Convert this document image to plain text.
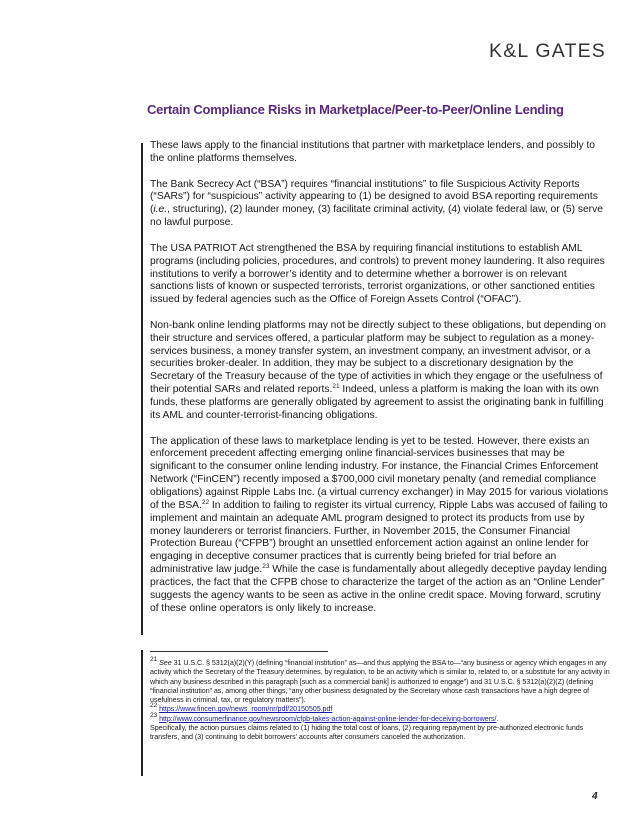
K&L GATES
Certain Compliance Risks in Marketplace/Peer-to-Peer/Online Lending

These laws apply to the financial institutions that partner with marketplace lenders, and possibly to the online platforms themselves.

The Bank Secrecy Act (“BSA”) requires “financial institutions” to file Suspicious Activity Reports (“SARs”) for “suspicious” activity appearing to (1) be designed to avoid BSA reporting requirements (i.e., structuring), (2) launder money, (3) facilitate criminal activity, (4) violate federal law, or (5) serve no lawful purpose.

The USA PATRIOT Act strengthened the BSA by requiring financial institutions to establish AML programs (including policies, procedures, and controls) to prevent money laundering. It also requires institutions to verify a borrower’s identity and to determine whether a borrower is on relevant sanctions lists of known or suspected terrorists, terrorist organizations, or other sanctioned entities issued by federal agencies such as the Office of Foreign Assets Control (“OFAC”).

Non-bank online lending platforms may not be directly subject to these obligations, but depending on their structure and services offered, a particular platform may be subject to regulation as a money-services business, a money transfer system, an investment company, an investment advisor, or a securities broker-dealer. In addition, they may be subject to a discretionary designation by the Secretary of the Treasury because of the type of activities in which they engage or the usefulness of their potential SARs and related reports.$^{21}$ Indeed, unless a platform is making the loan with its own funds, these platforms are generally obligated by agreement to assist the originating bank in fulfilling its AML and counter-terrorist-financing obligations.

The application of these laws to marketplace lending is yet to be tested. However, there exists an enforcement precedent affecting emerging online financial-services businesses that may be significant to the consumer online lending industry. For instance, the Financial Crimes Enforcement Network (“FinCEN”) recently imposed a $700,000 civil monetary penalty (and remedial compliance obligations) against Ripple Labs Inc. (a virtual currency exchanger) in May 2015 for various violations of the BSA.$^{22}$ In addition to failing to register its virtual currency, Ripple Labs was accused of failing to implement and maintain an adequate AML program designed to protect its products from use by money launderers or terrorist financiers. Further, in November 2015, the Consumer Financial Protection Bureau (“CFPB”) brought an unsettled enforcement action against an online lender for engaging in deceptive consumer practices that is currently being briefed for trial before an administrative law judge.$^{23}$ While the case is fundamentally about allegedly deceptive payday lending practices, the fact that the CFPB chose to characterize the target of the action as an “Online Lender” suggests the agency wants to be seen as active in the online credit space. Moving forward, scrutiny of these online operators is only likely to increase.

$^{21}$ See 31 U.S.C. § 5312(a)(2)(Y) (defining “financial institution” as—and thus applying the BSA to—“any business or agency which engages in any activity which the Secretary of the Treasury determines, by regulation, to be an activity which is similar to, related to, or a substitute for any activity in which any business described in this paragraph [such as a commercial bank] is authorized to engage”) and 31 U.S.C. § 5312(a)(2)(Z) (defining “financial institution” as, among other things, “any other business designated by the Secretary whose cash transactions have a high degree of usefulness in criminal, tax, or regulatory matters”).

$^{22}$ https://www.fincen.gov/news_room/nr/pdf/20150505.pdf

$^{23}$ http://www.consumerfinance.gov/newsroom/cfpb-takes-action-against-online-lender-for-deceiving-borrowers/.
Specifically, the action pursues claims related to (1) hiding the total cost of loans, (2) requiring repayment by pre-authorized electronic funds transfers, and (3) continuing to debit borrowers’ accounts after consumers canceled the authorization.

4
